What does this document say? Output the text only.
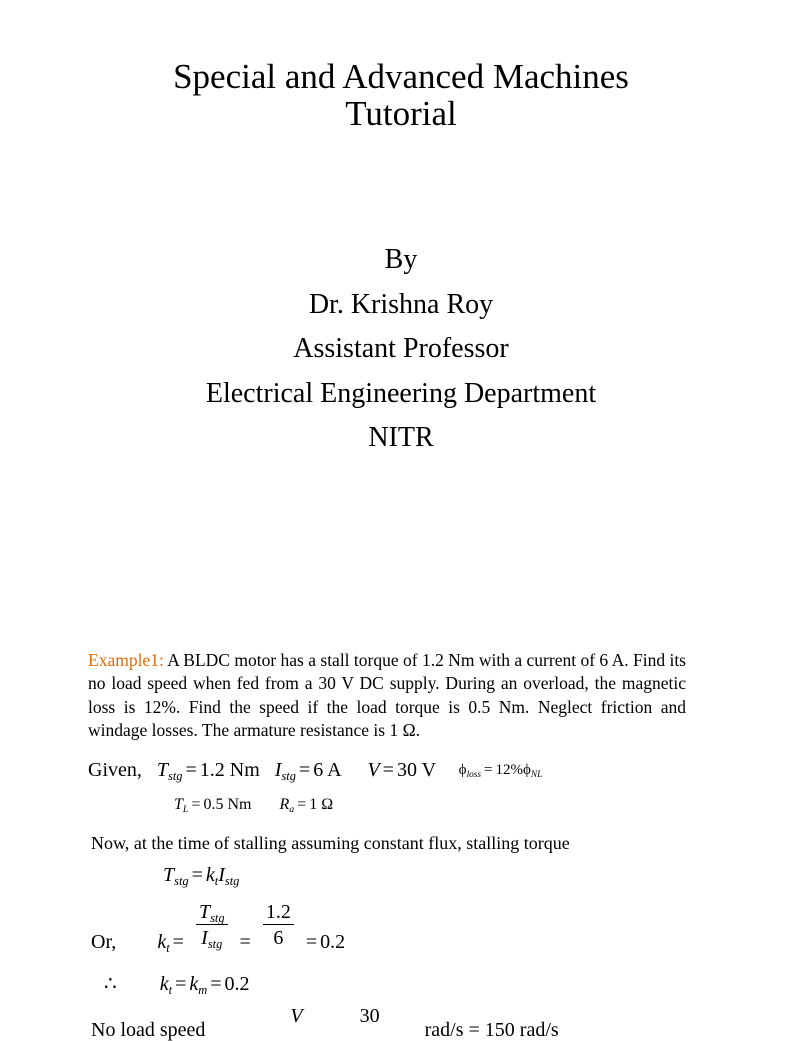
Special and Advanced Machines
Tutorial
By
Dr. Krishna Roy
Assistant Professor
Electrical Engineering Department
NITR
Example1: A BLDC motor has a stall torque of 1.2 Nm with a current of 6 A. Find its no load speed when fed from a 30 V DC supply. During an overload, the magnetic loss is 12%. Find the speed if the load torque is 0.5 Nm. Neglect friction and windage losses. The armature resistance is 1 Ω.
Given, $T_{stg} = 1.2$ Nm $I_{stg} = 6$ A V = 30 V $\phi_{loss} = 12\%\phi_{NL}$
$T_L = 0.5$ Nm $R_a = 1$ Ω
Now, at the time of stalling assuming constant flux, stalling torque
$T_{stg} = k_tI_{stg}$
Or, $k_t = \frac{T_{stg}}{I_{stg}} = \frac{1.2}{6} = 0.2$
∴ $k_t = k_m = 0.2$
No load speed V	30 rad/s = 150 rad/s
